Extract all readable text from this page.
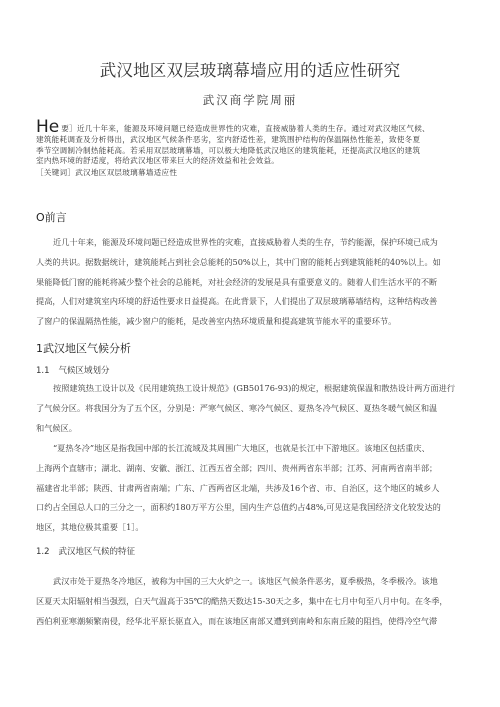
武汉地区双层玻璃幕墙应用的适应性研究
武汉商学院周丽
He 要］近几十年来，能源及环境问题已经造成世界性的灾难，直接威胁着人类的生存。通过对武汉地区气候、
建筑能耗调查及分析得出，武汉地区气候条件恶劣，室内舒适性差，建筑围护结构的保温隔热性能差，致使冬夏
季节空调制冷制热能耗高。若采用双层玻璃幕墙，可以极大地降低武汉地区的建筑能耗，还提高武汉地区的建筑
室内热环境的舒适度，将给武汉地区带来巨大的经济效益和社会效益。
［关键词］武汉地区双层玻璃幕墙适应性
O前言
近几十年来，能源及环境问题已经造成世界性的灾难，直接威胁着人类的生存，节约能源，保护环境已成为
人类的共识。据数据统计，建筑能耗占到社会总能耗的50%以上，其中门窗的能耗占到建筑能耗的40%以上。如
果能降低门窗的能耗将减少整个社会的总能耗，对社会经济的发展是具有重要意义的。随着人们生活水平的不断
提高，人们对建筑室内环境的舒适性要求日益提高。在此背景下，人们提出了双层玻璃幕墙结构，这种结构改善
了窗户的保温隔热性能，减少窗户的能耗，是改善室内热环境质量和提高建筑节能水平的重要环节。
1武汉地区气候分析
1.1 气候区域划分
按照建筑热工设计以及《民用建筑热工设计规范》(GB50176-93)的规定，根据建筑保温和散热设计两方面进行
了气候分区。将我国分为了五个区，分别是：严寒气候区、寒冷气候区、夏热冬冷气候区、夏热冬暖气候区和温
和气候区。
“夏热冬冷”地区是指我国中部的长江流域及其周围广大地区，也就是长江中下游地区。该地区包括重庆、
上海两个直辖市；湖北、湖南、安徽、浙江、江西五省全部；四川、贵州两省东半部；江苏、河南两省南半部；
福建省北半部；陕西、甘肃两省南端；广东、广西两省区北端，共涉及16个省、市、自治区，这个地区的城乡人
口约占全国总人口的三分之一，面积约180万平方公里，国内生产总值约占48%,可见这是我国经济文化较发达的
地区，其地位极其重要［1］。
1.2 武汉地区气候的特征
武汉市处于夏热冬冷地区，被称为中国的三大火炉之一。该地区气候条件恶劣，夏季极热，冬季极冷。该地
区夏天太阳辐射相当强烈，白天气温高于35℃的酷热天数达15-30天之多，集中在七月中旬至八月中旬。在冬季，
西伯利亚寒潮频繁南侵，经华北平原长驱直入，而在该地区南部又遭到到南岭和东南丘陵的阻挡，使得冷空气滞
